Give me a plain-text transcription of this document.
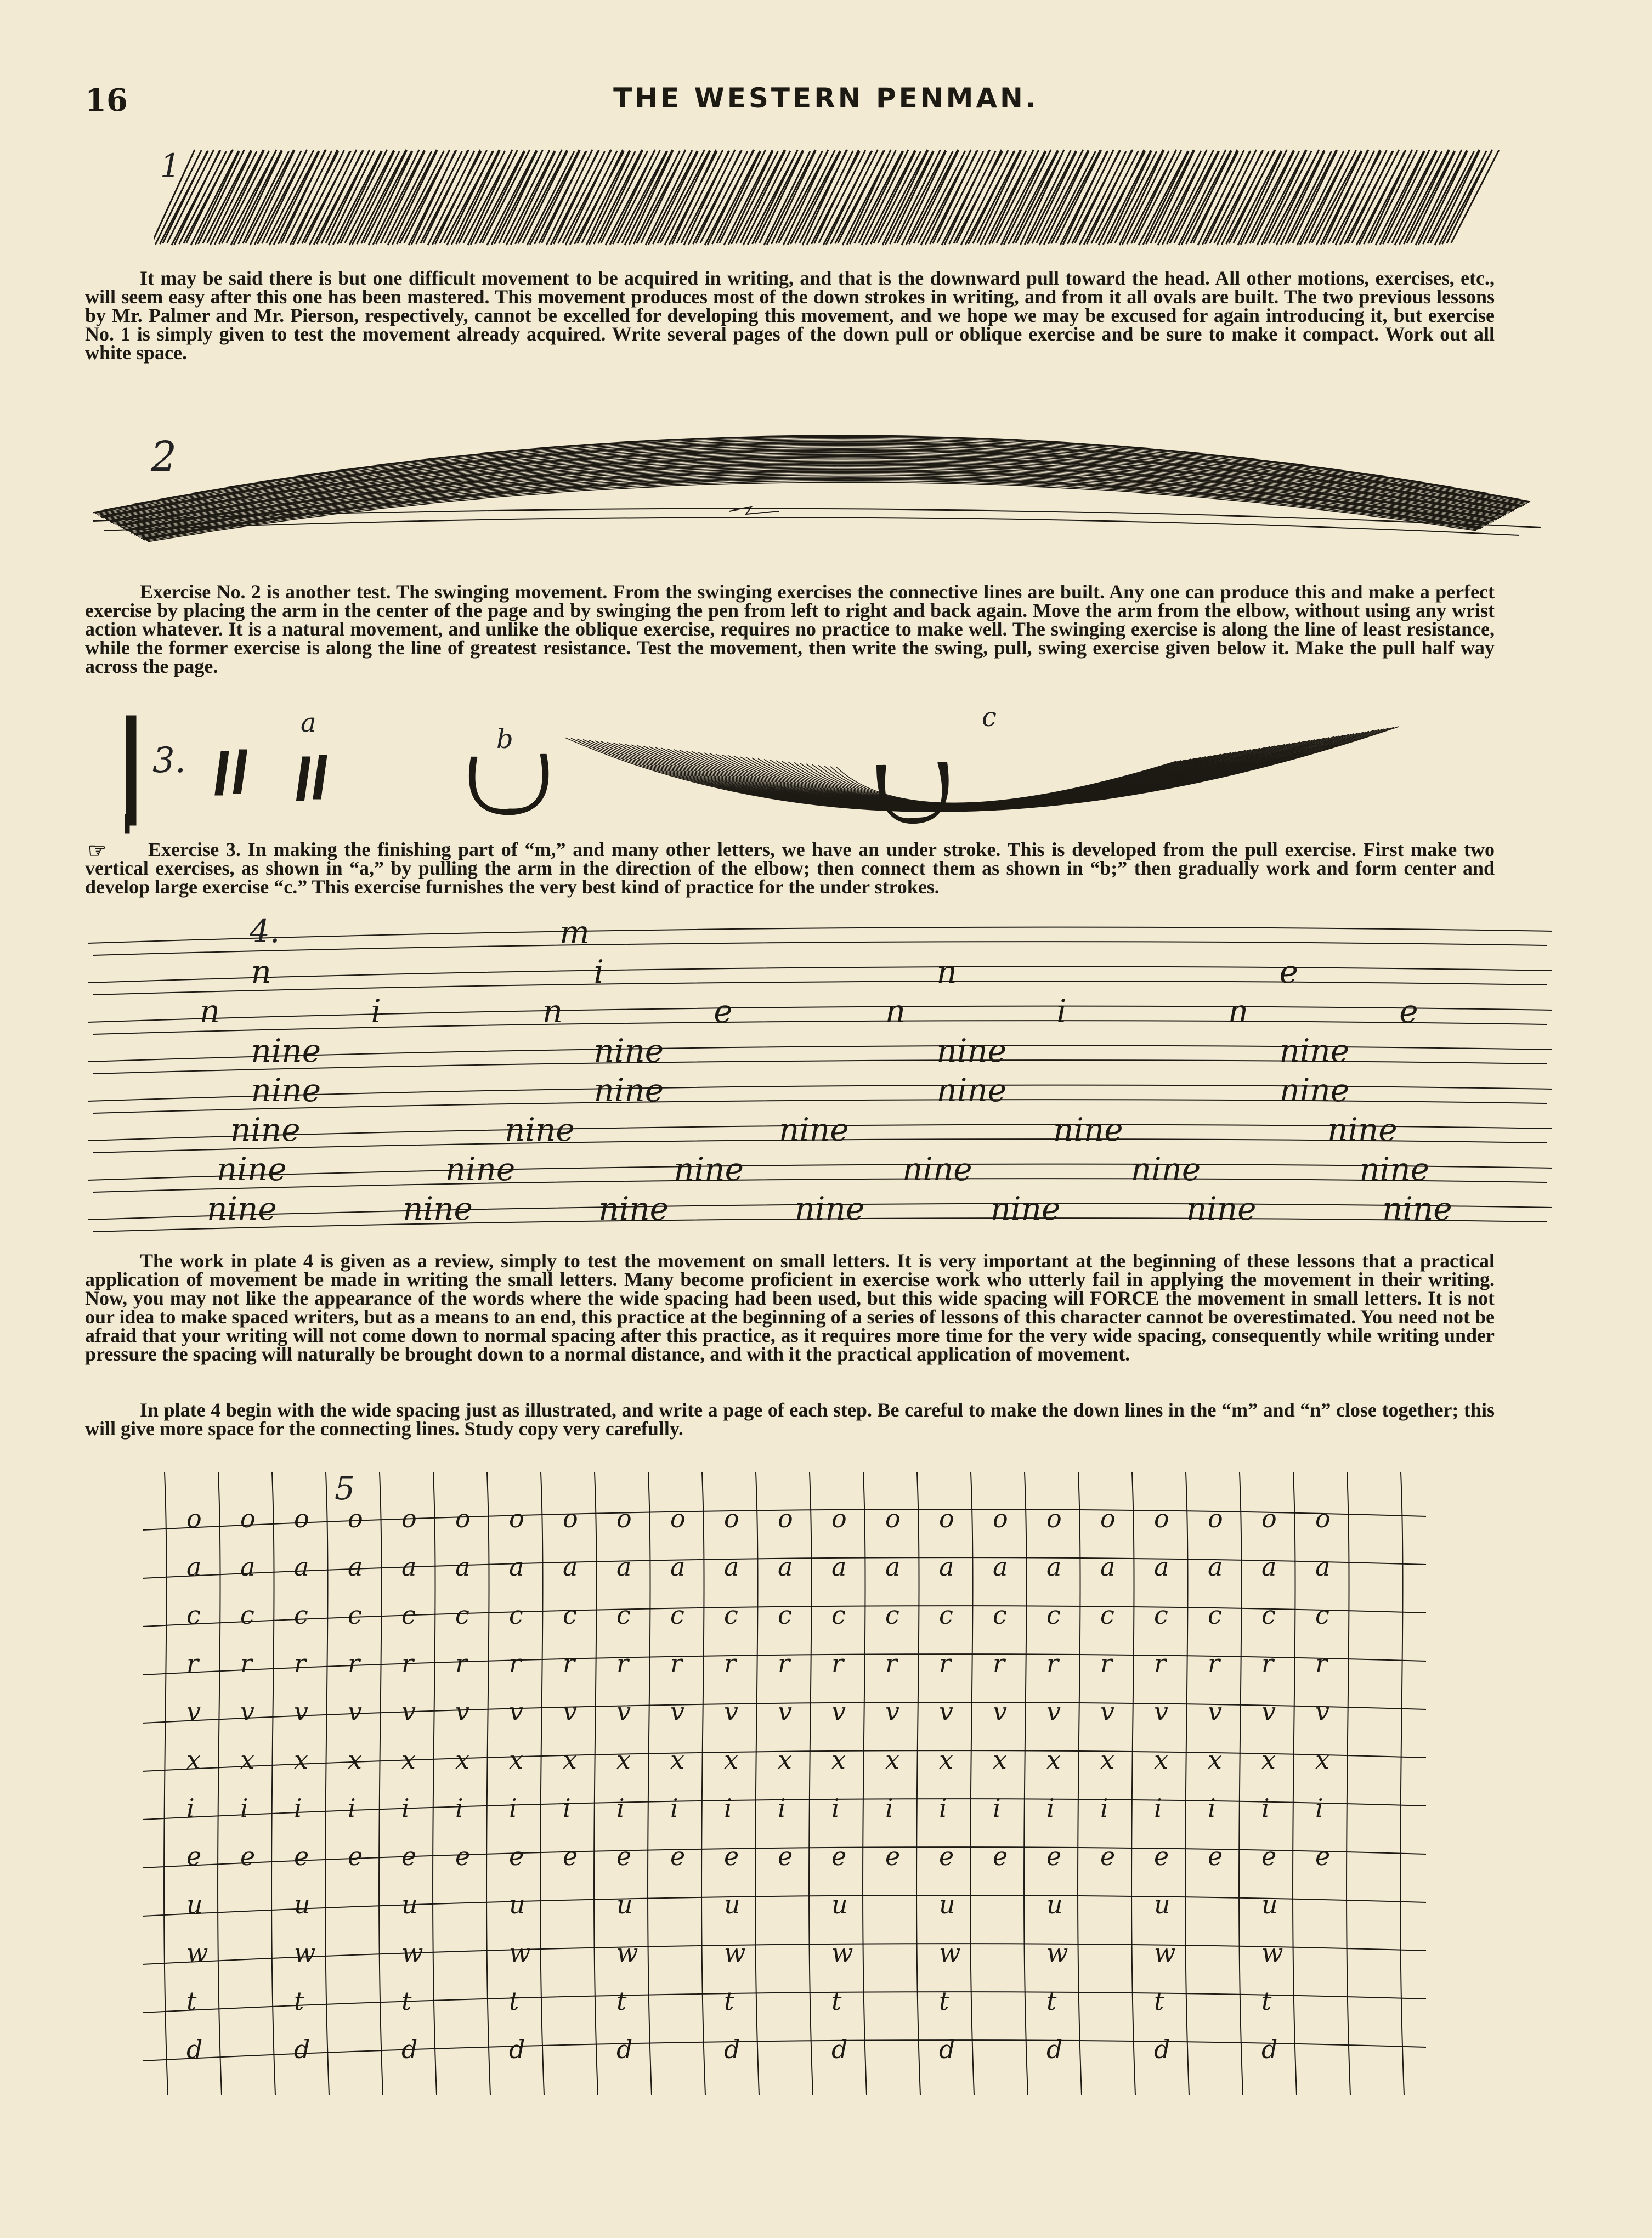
16	THE WESTERN PENMAN.
1

It may be said there is but one difficult movement to be acquired in writing, and that is the downward pull toward the head. All other motions, exercises, etc., will seem easy after this one has been mastered. This movement produces most of the down strokes in writing, and from it all ovals are built. The two previous lessons by Mr. Palmer and Mr. Pierson, respectively, cannot be excelled for developing this movement, and we hope we may be excused for again introducing it, but exercise No. 1 is simply given to test the movement already acquired. Write several pages of the down pull or oblique exercise and be sure to make it compact. Work out all white space.

2

Exercise No. 2 is another test. The swinging movement. From the swinging exercises the connective lines are built. Any one can produce this and make a perfect exercise by placing the arm in the center of the page and by swinging the pen from left to right and back again. Move the arm from the elbow, without using any wrist action whatever. It is a natural movement, and unlike the oblique exercise, requires no practice to make well. The swinging exercise is along the line of least resistance, while the former exercise is along the line of greatest resistance. Test the movement, then write the swing, pull, swing exercise given below it. Make the pull half way across the page.

3.
a
b
c

Exercise 3. In making the finishing part of “m,” and many other letters, we have an under stroke. This is developed from the pull exercise. First make two vertical exercises, as shown in “a,” by pulling the arm in the direction of the elbow; then connect them as shown in “b;” then gradually work and form center and develop large exercise “c.” This exercise furnishes the very best kind of practice for the under strokes.

☞
m
n	i	n	e
n	i	n	e	n	i	n	e
nine	nine	nine	nine
nine	nine	nine	nine
nine	nine	nine	nine	nine
nine	nine	nine	nine	nine	nine
nine	nine	nine	nine	nine	nine	nine
4.

The work in plate 4 is given as a review, simply to test the movement on small letters. It is very important at the beginning of these lessons that a practical application of movement be made in writing the small letters. Many become proficient in exercise work who utterly fail in applying the movement in their writing. Now, you may not like the appearance of the words where the wide spacing had been used, but this wide spacing will FORCE the movement in small letters. It is not our idea to make spaced writers, but as a means to an end, this practice at the beginning of a series of lessons of this character cannot be overestimated. You need not be afraid that your writing will not come down to normal spacing after this practice, as it requires more time for the very wide spacing, consequently while writing under pressure the spacing will naturally be brought down to a normal distance, and with it the practical application of movement.

In plate 4 begin with the wide spacing just as illustrated, and write a page of each step. Be careful to make the down lines in the “m” and “n” close together; this will give more space for the connecting lines. Study copy very carefully.

o o o o o o o o o o o o o o o o o o o o o o
a a a a a a a a a a a a a a a a a a a a a a
c c c c c c c c c c c c c c c c c c c c c c
r r r r r r r r r r r r r r r r r r r r r r
v v v v v v v v v v v v v v v v v v v v v v
x x x x x x x x x x x x x x x x x x x x x x
i i i i i i i i i i i i i i i i i i i i i i
e e e e e e e e e e e e e e e e e e e e e e
u	u	u	u	u	u	u	u	u	u	u
w	w	w	w	w	w	w	w	w	w	w
t	t	t	t	t	t	t	t	t	t	t
d	d	d	d	d	d	d	d	d	d	d
5
